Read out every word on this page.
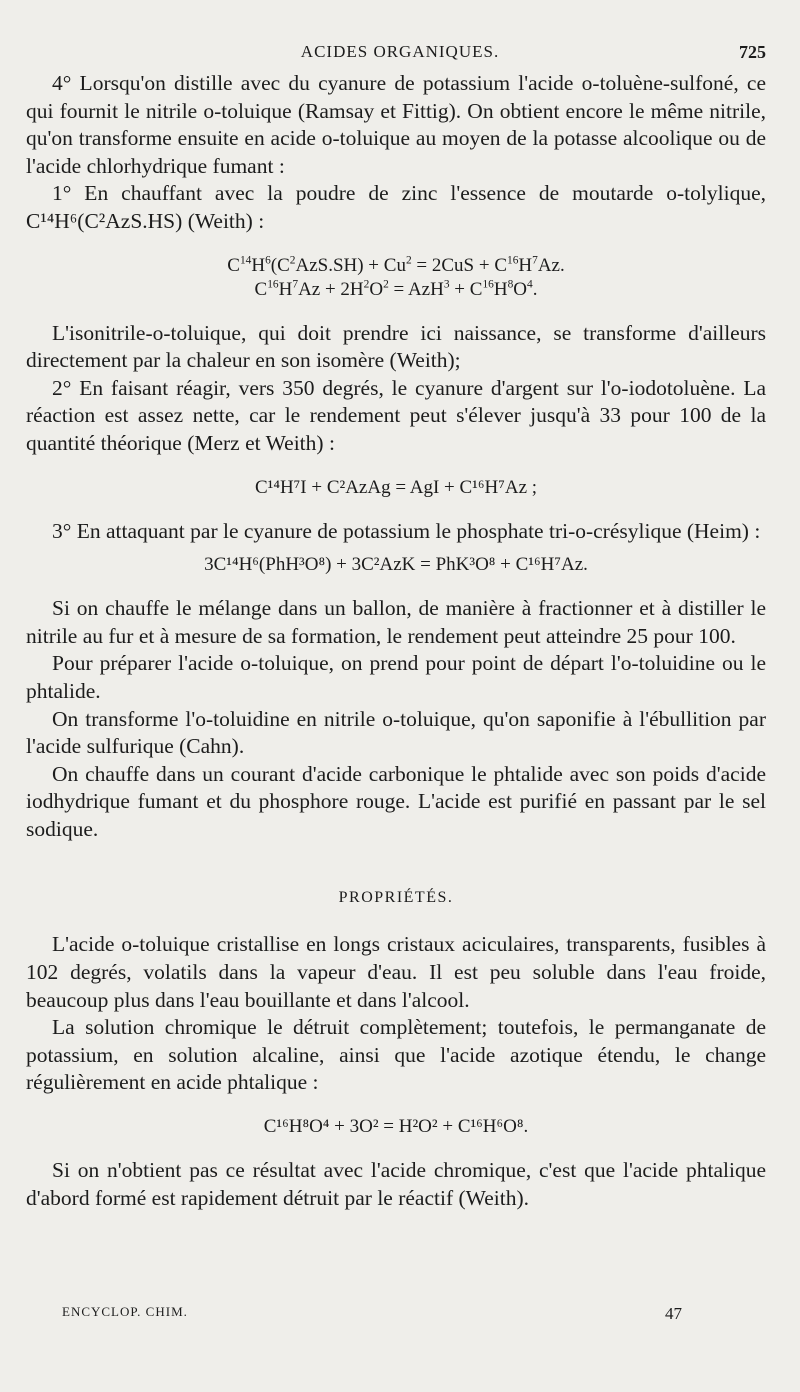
ACIDES ORGANIQUES.	725

4° Lorsqu'on distille avec du cyanure de potassium l'acide o-toluène-sulfoné, ce qui fournit le nitrile o-toluique (Ramsay et Fittig). On obtient encore le même nitrile, qu'on transforme ensuite en acide o-toluique au moyen de la potasse alcoolique ou de l'acide chlorhydrique fumant :

1° En chauffant avec la poudre de zinc l'essence de moutarde o-tolylique, C¹⁴H⁶(C²AzS.HS) (Weith) :

$C^{14}H^6(C^2AzS.SH) + Cu^2 = 2CuS + C^{16}H^7Az$.
$C^{16}H^7Az + 2H^2O^2 = AzH^3 + C^{16}H^8O^4$.

L'isonitrile-o-toluique, qui doit prendre ici naissance, se transforme d'ailleurs directement par la chaleur en son isomère (Weith);

2° En faisant réagir, vers 350 degrés, le cyanure d'argent sur l'o-iodotoluène. La réaction est assez nette, car le rendement peut s'élever jusqu'à 33 pour 100 de la quantité théorique (Merz et Weith) :

C¹⁴H⁷I + C²AzAg = AgI + C¹⁶H⁷Az ;

3° En attaquant par le cyanure de potassium le phosphate tri-o-crésylique (Heim) :

3C¹⁴H⁶(PhH³O⁸) + 3C²AzK = PhK³O⁸ + C¹⁶H⁷Az.

Si on chauffe le mélange dans un ballon, de manière à fractionner et à distiller le nitrile au fur et à mesure de sa formation, le rendement peut atteindre 25 pour 100.

Pour préparer l'acide o-toluique, on prend pour point de départ l'o-toluidine ou le phtalide.

On transforme l'o-toluidine en nitrile o-toluique, qu'on saponifie à l'ébullition par l'acide sulfurique (Cahn).

On chauffe dans un courant d'acide carbonique le phtalide avec son poids d'acide iodhydrique fumant et du phosphore rouge. L'acide est purifié en passant par le sel sodique.

PROPRIÉTÉS.

L'acide o-toluique cristallise en longs cristaux aciculaires, transparents, fusibles à 102 degrés, volatils dans la vapeur d'eau. Il est peu soluble dans l'eau froide, beaucoup plus dans l'eau bouillante et dans l'alcool.

La solution chromique le détruit complètement; toutefois, le permanganate de potassium, en solution alcaline, ainsi que l'acide azotique étendu, le change régulièrement en acide phtalique :

C¹⁶H⁸O⁴ + 3O² = H²O² + C¹⁶H⁶O⁸.

Si on n'obtient pas ce résultat avec l'acide chromique, c'est que l'acide phtalique d'abord formé est rapidement détruit par le réactif (Weith).

ENCYCLOP. CHIM.	47
